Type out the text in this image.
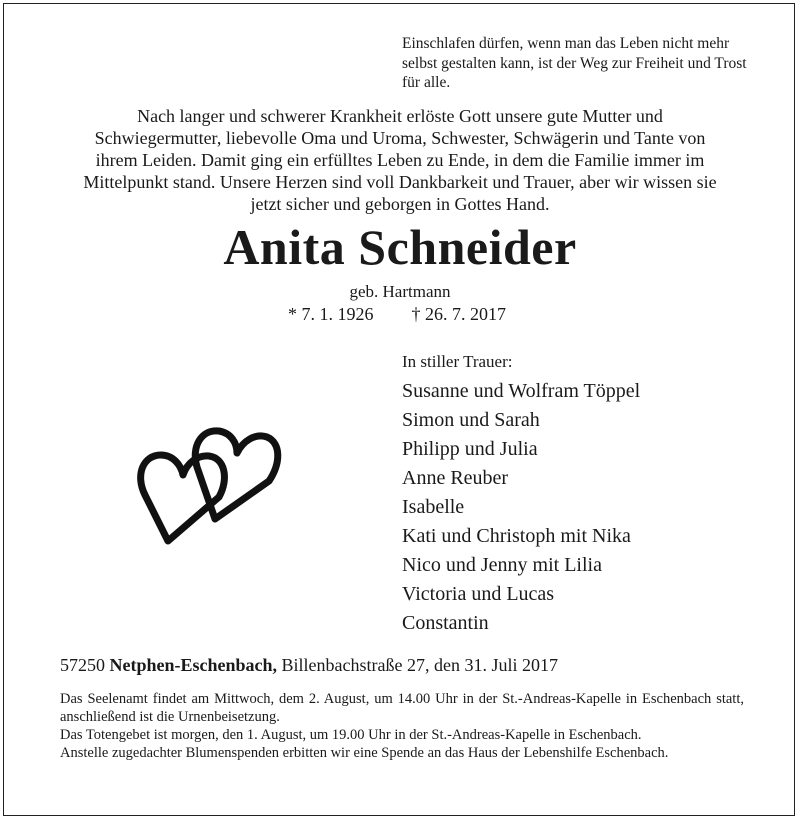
Einschlafen dürfen, wenn man das Leben nicht mehr selbst gestalten kann, ist der Weg zur Freiheit und Trost für alle.
Nach langer und schwerer Krankheit erlöste Gott unsere gute Mutter und Schwiegermutter, liebevolle Oma und Uroma, Schwester, Schwägerin und Tante von ihrem Leiden. Damit ging ein erfülltes Leben zu Ende, in dem die Familie immer im Mittelpunkt stand. Unsere Herzen sind voll Dankbarkeit und Trauer, aber wir wissen sie jetzt sicher und geborgen in Gottes Hand.
Anita Schneider
geb. Hartmann
* 7. 1. 1926 † 26. 7. 2017
In stiller Trauer:
Susanne und Wolfram Töppel
Simon und Sarah
Philipp und Julia
Anne Reuber
Isabelle
Kati und Christoph mit Nika
Nico und Jenny mit Lilia
Victoria und Lucas
Constantin
57250 Netphen-Eschenbach, Billenbachstraße 27, den 31. Juli 2017

Das Seelenamt findet am Mittwoch, dem 2. August, um 14.00 Uhr in der St.-Andreas-Kapelle in Eschenbach statt, anschließend ist die Urnenbeisetzung.

Das Totengebet ist morgen, den 1. August, um 19.00 Uhr in der St.-Andreas-Kapelle in Eschenbach.

Anstelle zugedachter Blumenspenden erbitten wir eine Spende an das Haus der Lebenshilfe Eschenbach.
